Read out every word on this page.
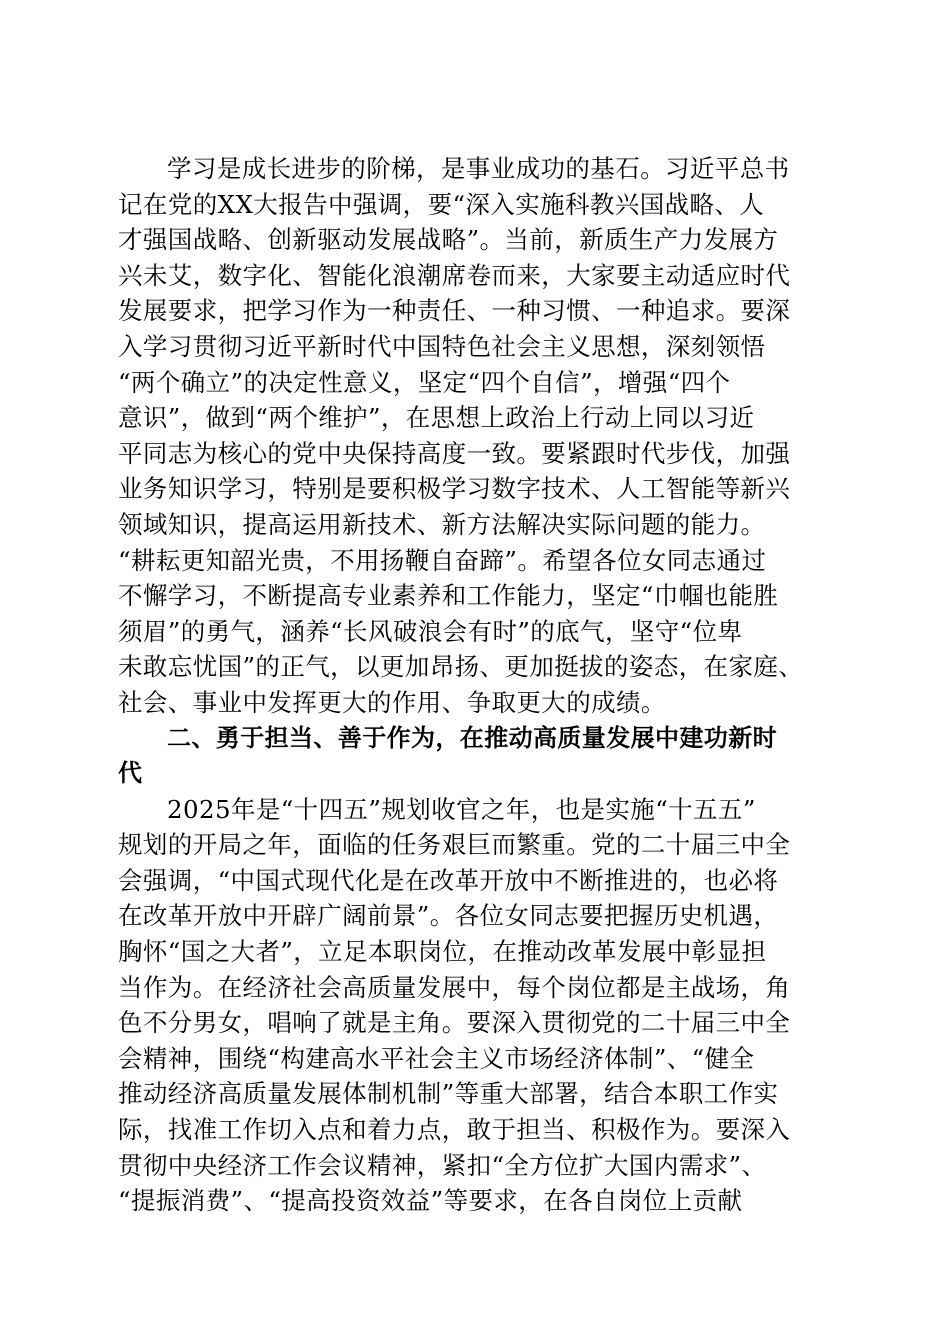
学习是成长进步的阶梯，是事业成功的基石。习近平总书
记在党的XX大报告中强调，要“深入实施科教兴国战略、人
才强国战略、创新驱动发展战略”。当前，新质生产力发展方
兴未艾，数字化、智能化浪潮席卷而来，大家要主动适应时代
发展要求，把学习作为一种责任、一种习惯、一种追求。要深
入学习贯彻习近平新时代中国特色社会主义思想，深刻领悟
“两个确立”的决定性意义，坚定“四个自信”，增强“四个
意识”，做到“两个维护”，在思想上政治上行动上同以习近
平同志为核心的党中央保持高度一致。要紧跟时代步伐，加强
业务知识学习，特别是要积极学习数字技术、人工智能等新兴
领域知识，提高运用新技术、新方法解决实际问题的能力。
“耕耘更知韶光贵，不用扬鞭自奋蹄”。希望各位女同志通过
不懈学习，不断提高专业素养和工作能力，坚定“巾帼也能胜
须眉”的勇气，涵养“长风破浪会有时”的底气，坚守“位卑
未敢忘忧国”的正气，以更加昂扬、更加挺拔的姿态，在家庭、
社会、事业中发挥更大的作用、争取更大的成绩。
二、勇于担当、善于作为，在推动高质量发展中建功新时
代
2025年是“十四五”规划收官之年，也是实施“十五五”
规划的开局之年，面临的任务艰巨而繁重。党的二十届三中全
会强调，“中国式现代化是在改革开放中不断推进的，也必将
在改革开放中开辟广阔前景”。各位女同志要把握历史机遇，
胸怀“国之大者”，立足本职岗位，在推动改革发展中彰显担
当作为。在经济社会高质量发展中，每个岗位都是主战场，角
色不分男女，唱响了就是主角。要深入贯彻党的二十届三中全
会精神，围绕“构建高水平社会主义市场经济体制”、“健全
推动经济高质量发展体制机制”等重大部署，结合本职工作实
际，找准工作切入点和着力点，敢于担当、积极作为。要深入
贯彻中央经济工作会议精神，紧扣“全方位扩大国内需求”、
“提振消费”、“提高投资效益”等要求，在各自岗位上贡献
